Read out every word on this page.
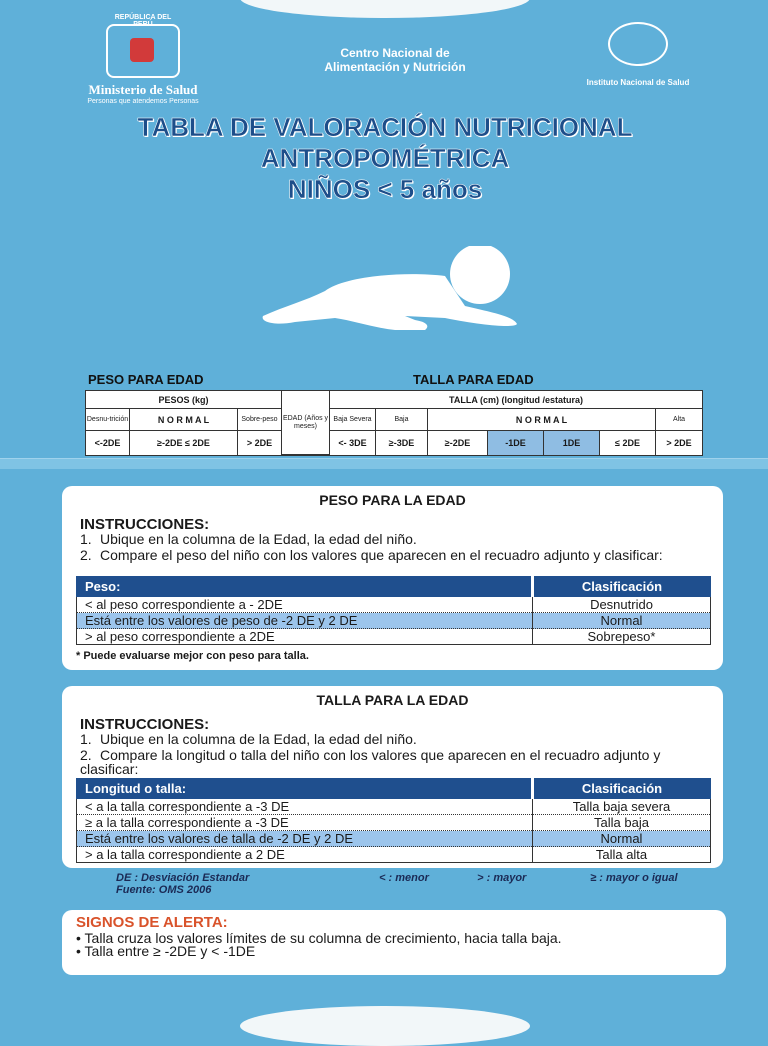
REPÚBLICA DEL PERÚ
Ministerio de Salud
Personas que atendemos Personas
Centro Nacional de
Alimentación y Nutrición
Instituto Nacional de Salud
TABLA DE VALORACIÓN NUTRICIONAL
ANTROPOMÉTRICA
NIÑOS < 5 años
PESO PARA EDAD	TALLA PARA EDAD
PESOS (kg)
EDAD (Años y meses)
TALLA (cm) (longitud /estatura)
Desnu-trición	N O R M A L	Sobre-peso	Baja Severa	Baja	N O R M A L	Alta
<-2DE	≥-2DE ≤ 2DE	> 2DE	<- 3DE	≥-3DE	≥-2DE	-1DE	1DE	≤ 2DE	> 2DE
PESO PARA LA EDAD
INSTRUCCIONES:
1. Ubique en la columna de la Edad, la edad del niño.
2. Compare el peso del niño con los valores que aparecen en el recuadro adjunto y clasificar:
Peso:	Clasificación
< al peso correspondiente a - 2DE	Desnutrido
Está entre los valores de peso de -2 DE y 2 DE	Normal
> al peso correspondiente a 2DE	Sobrepeso*
* Puede evaluarse mejor con peso para talla.
TALLA PARA LA EDAD
INSTRUCCIONES:
1. Ubique en la columna de la Edad, la edad del niño.
2. Compare la longitud o talla del niño con los valores que aparecen en el recuadro adjunto y clasificar:
Longitud o talla:	Clasificación
< a la talla correspondiente a -3 DE	Talla baja severa
≥ a la talla correspondiente a -3 DE	Talla baja
Está entre los valores de talla de -2 DE y 2 DE	Normal
> a la talla correspondiente a 2 DE	Talla alta
DE : Desviación Estandar	< : menor	> : mayor	≥ : mayor o igual
Fuente: OMS 2006
SIGNOS DE ALERTA:
• Talla cruza los valores límites de su columna de crecimiento, hacia talla baja.
• Talla entre ≥ -2DE y < -1DE
